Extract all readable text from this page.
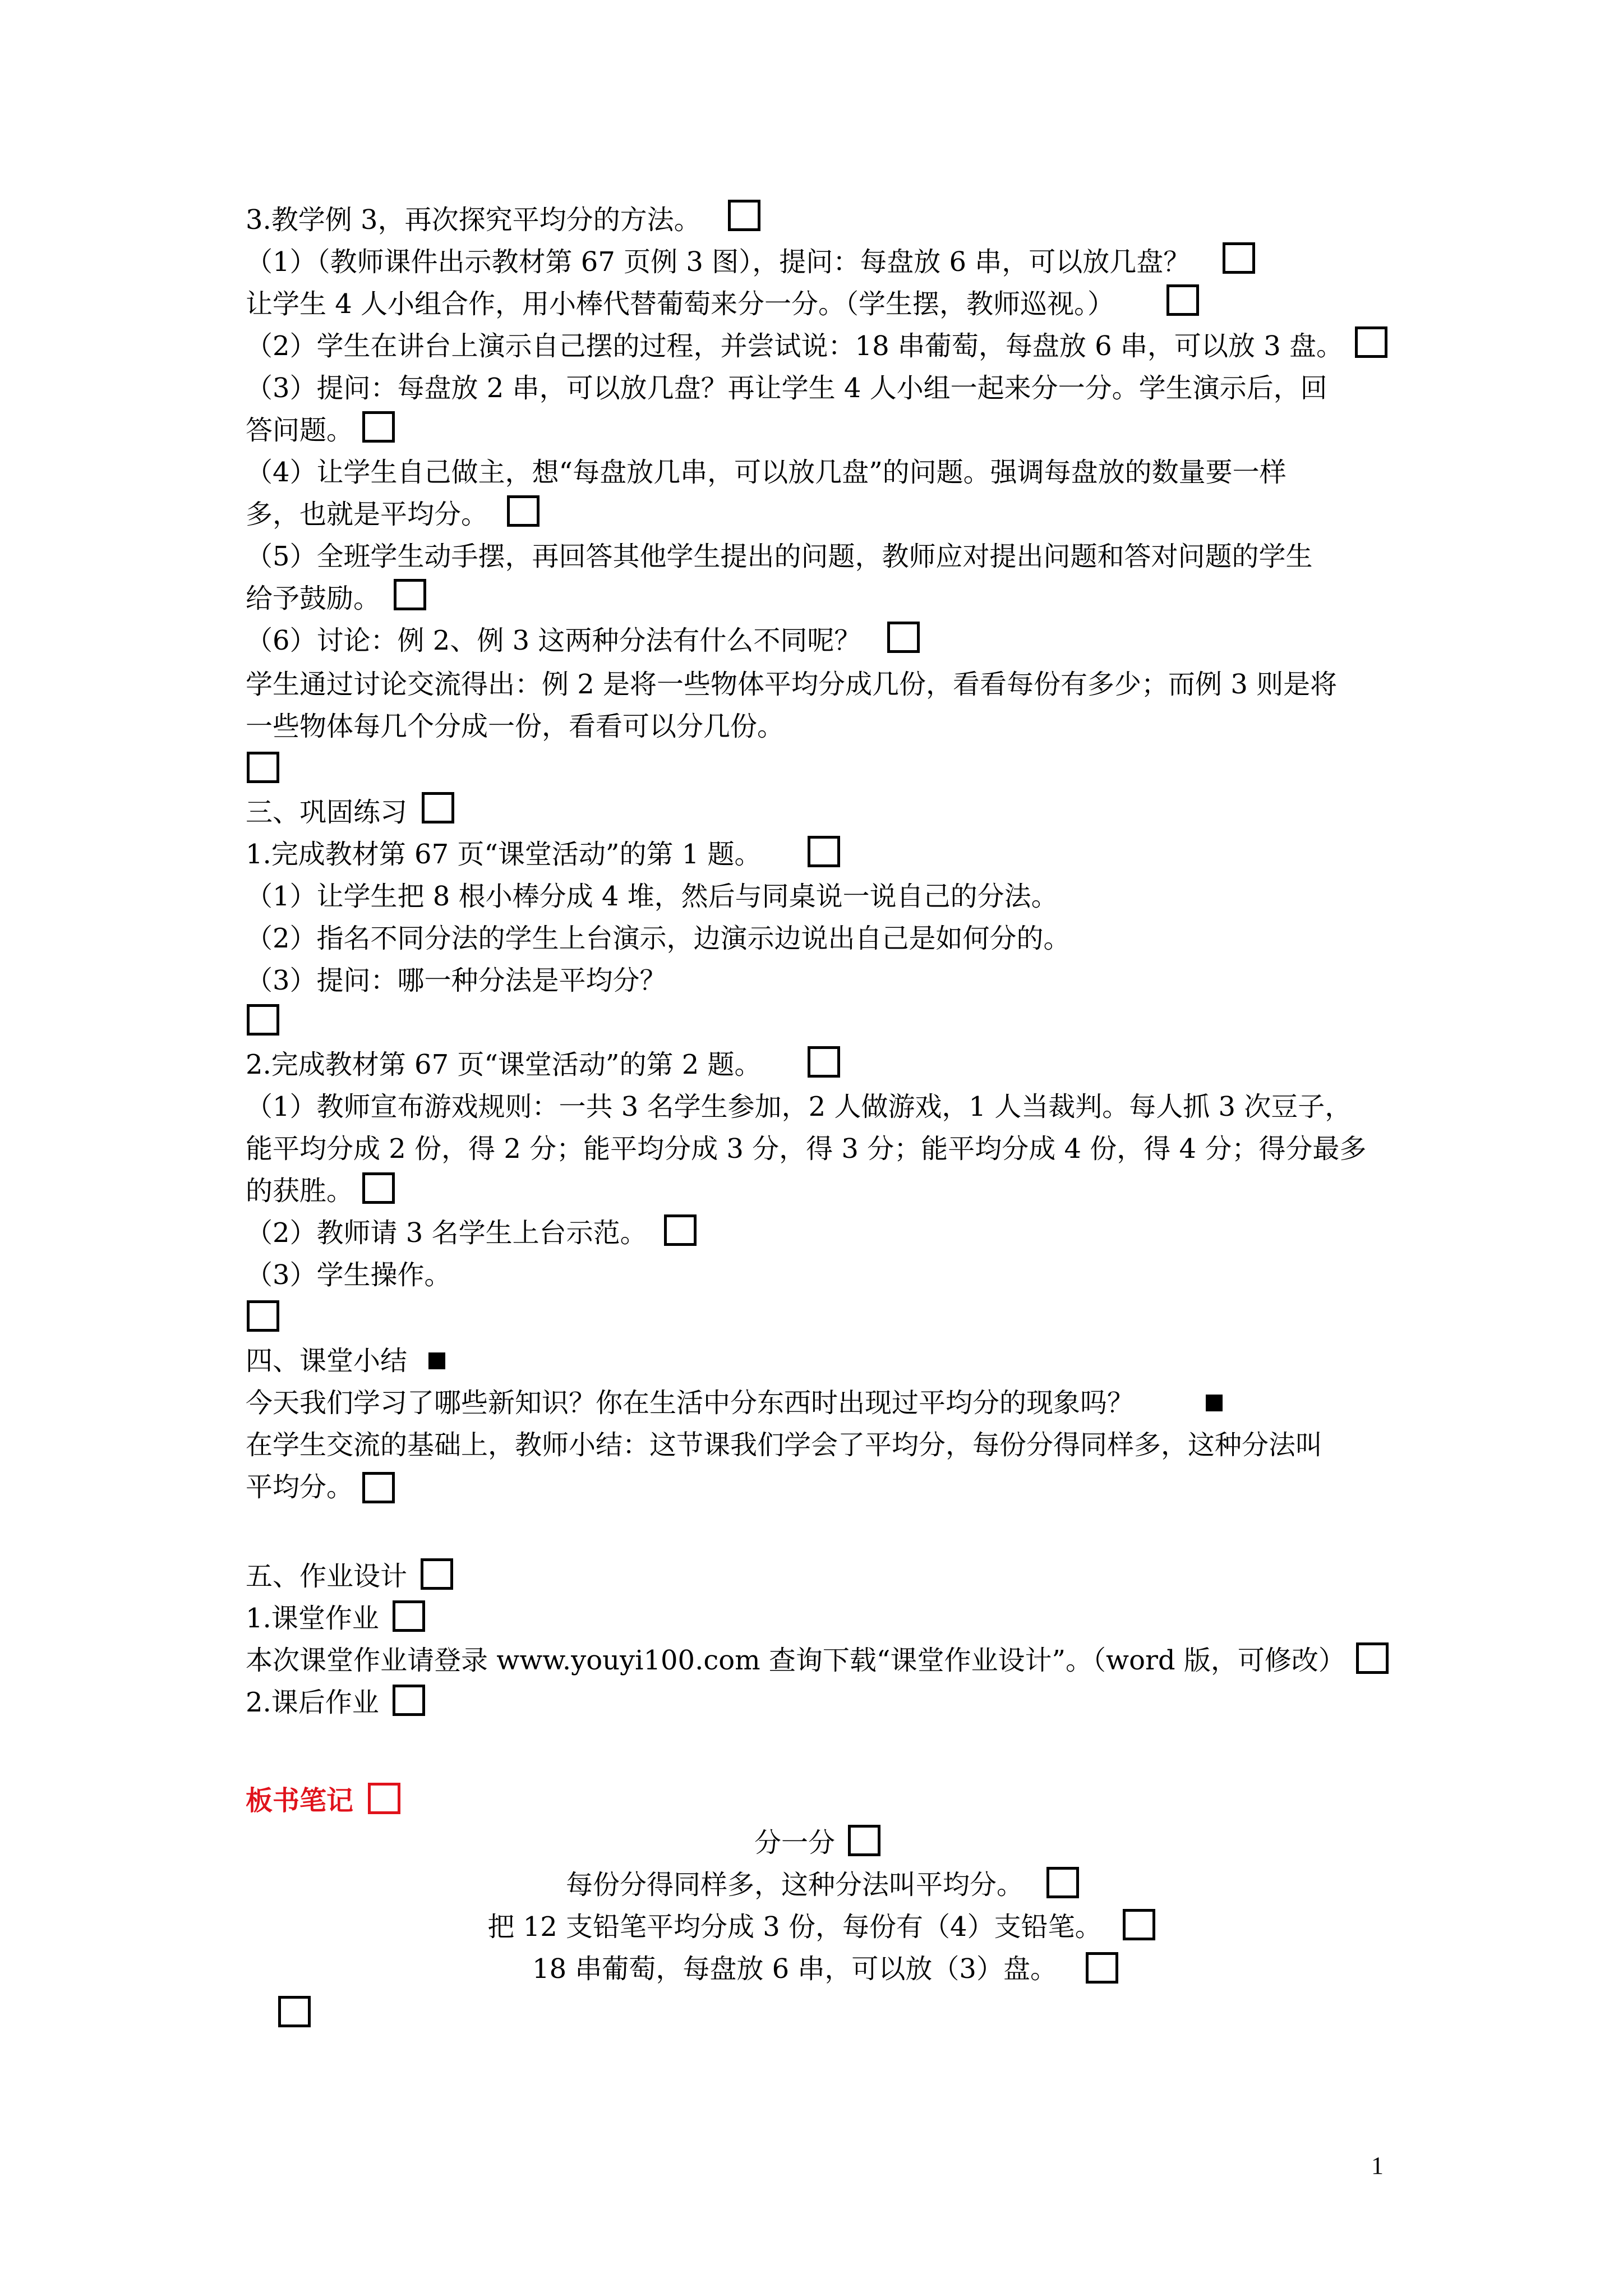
3.教学例 3，再次探究平均分的方法。
（1）（教师课件出示教材第 67 页例 3 图），提问：每盘放 6 串，可以放几盘？
让学生 4 人小组合作，用小棒代替葡萄来分一分。（学生摆，教师巡视。）
（2）学生在讲台上演示自己摆的过程，并尝试说：18 串葡萄，每盘放 6 串，可以放 3 盘。
（3）提问：每盘放 2 串，可以放几盘？再让学生 4 人小组一起来分一分。学生演示后，回
答问题。
（4）让学生自己做主，想“每盘放几串，可以放几盘”的问题。强调每盘放的数量要一样
多，也就是平均分。
（5）全班学生动手摆，再回答其他学生提出的问题，教师应对提出问题和答对问题的学生
给予鼓励。
（6）讨论：例 2、例 3 这两种分法有什么不同呢？
学生通过讨论交流得出：例 2 是将一些物体平均分成几份，看看每份有多少；而例 3 则是将
一些物体每几个分成一份，看看可以分几份。
三、巩固练习
1.完成教材第 67 页“课堂活动”的第 1 题。
（1）让学生把 8 根小棒分成 4 堆，然后与同桌说一说自己的分法。
（2）指名不同分法的学生上台演示，边演示边说出自己是如何分的。
（3）提问：哪一种分法是平均分？
2.完成教材第 67 页“课堂活动”的第 2 题。
（1）教师宣布游戏规则：一共 3 名学生参加，2 人做游戏，1 人当裁判。每人抓 3 次豆子，
能平均分成 2 份，得 2 分；能平均分成 3 分，得 3 分；能平均分成 4 份，得 4 分；得分最多
的获胜。
（2）教师请 3 名学生上台示范。
（3）学生操作。
四、课堂小结
今天我们学习了哪些新知识？你在生活中分东西时出现过平均分的现象吗？
在学生交流的基础上，教师小结：这节课我们学会了平均分，每份分得同样多，这种分法叫
平均分。
五、作业设计
1.课堂作业
本次课堂作业请登录 www.youyi100.com 查询下载“课堂作业设计”。（word 版，可修改）
2.课后作业
板书笔记
分一分
每份分得同样多，这种分法叫平均分。
把 12 支铅笔平均分成 3 份，每份有（4）支铅笔。
18 串葡萄，每盘放 6 串，可以放（3）盘。
1
